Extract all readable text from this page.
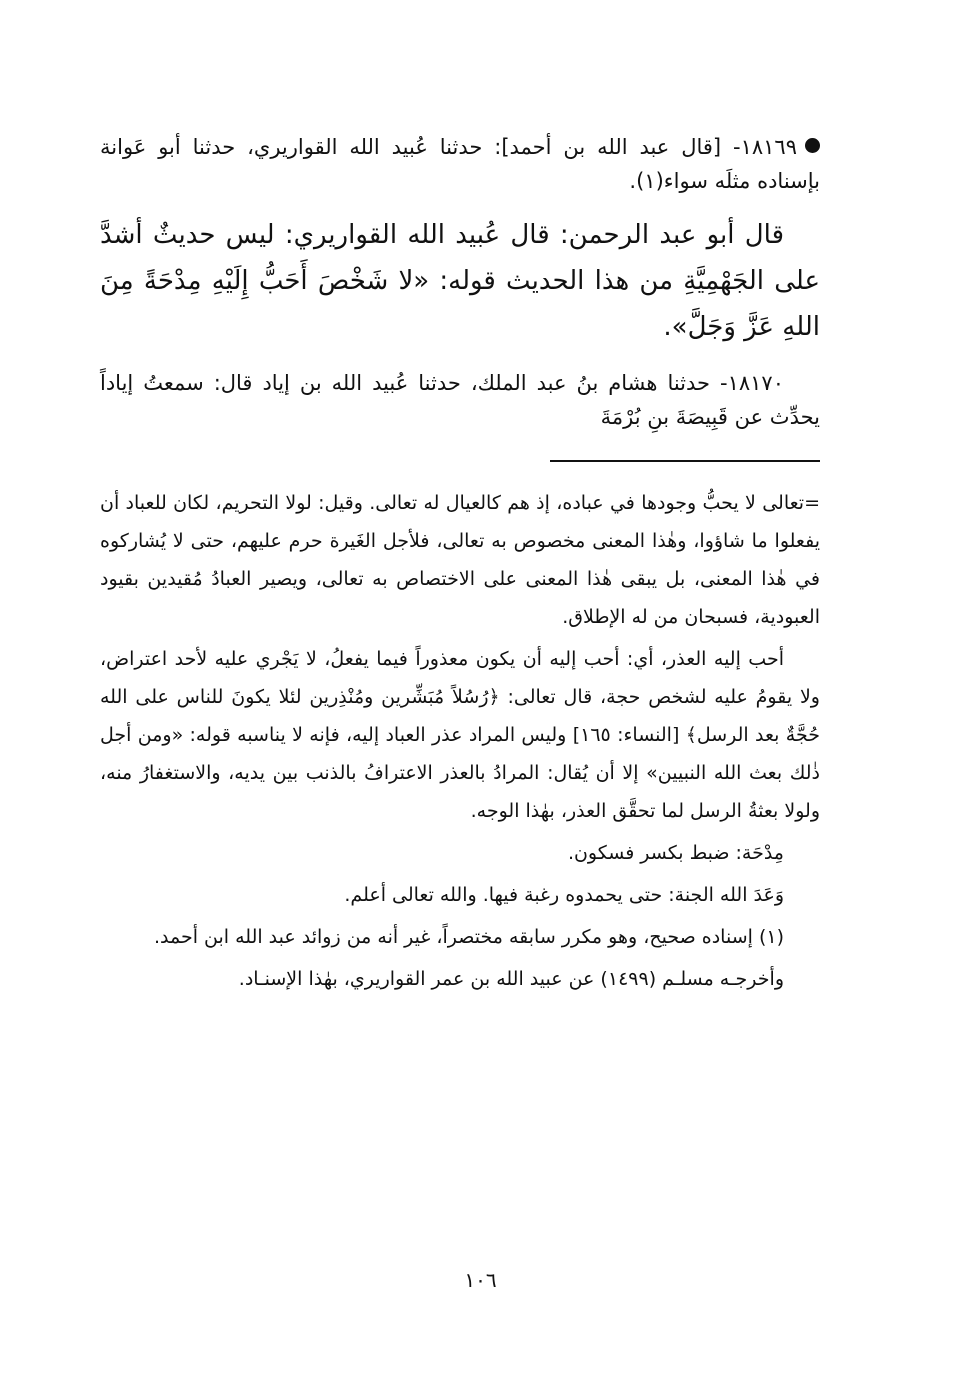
١٨١٦٩- [قال عبد الله بن أحمد]: حدثنا عُبيد الله القواريري، حدثنا أبو عَوانة بإسناده مثلَه سواء(١).

قال أبو عبد الرحمن: قال عُبيد الله القواريري: ليس حديثٌ أشدَّ على الجَهْمِيَّةِ من هذا الحديث قوله: «لا شَخْصَ أَحَبُّ إِلَيْهِ مِدْحَةً مِنَ اللهِ عَزَّ وَجَلَّ».

١٨١٧٠- حدثنا هشام بنُ عبد الملك، حدثنا عُبيد الله بن إياد قال: سمعتُ إياداً يحدِّث عن قَبِيصَةَ بنِ بُرْمَةَ

=تعالى لا يحبُّ وجودها في عباده، إذ هم كالعيال له تعالى. وقيل: لولا التحريم، لكان للعباد أن يفعلوا ما شاؤوا، وهٰذا المعنى مخصوص به تعالى، فلأجل الغَيرة حرم عليهم، حتى لا يُشاركوه في هٰذا المعنى، بل يبقى هٰذا المعنى على الاختصاص به تعالى، ويصير العبادُ مُقيدين بقيود العبودية، فسبحان من له الإطلاق.

أحب إليه العذر، أي: أحب إليه أن يكون معذوراً فيما يفعلُ، لا يَجْري عليه لأحد اعتراض، ولا يقومُ عليه لشخص حجة، قال تعالى: ﴿رُسُلاً مُبَشِّرين ومُنْذِرين لئلا يكونَ للناس على الله حُجَّةٌ بعد الرسل﴾ [النساء: ١٦٥] وليس المراد عذر العباد إليه، فإنه لا يناسبه قوله: «ومن أجل ذٰلك بعث الله النبيين» إلا أن يُقال: المرادُ بالعذر الاعترافُ بالذنب بين يديه، والاستغفارُ منه، ولولا بعثةُ الرسل لما تحقَّق العذر، بهٰذا الوجه.

مِدْحَة: ضبط بكسر فسكون.

وَعَدَ الله الجنة: حتى يحمدوه رغبة فيها. والله تعالى أعلم.

(١) إسناده صحيح، وهو مكرر سابقه مختصراً، غير أنه من زوائد عبد الله ابن أحمد.

وأخرجـه مسلـم (١٤٩٩) عن عبيد الله بن عمر القواريري، بهٰذا الإسنـاد.

١٠٦
